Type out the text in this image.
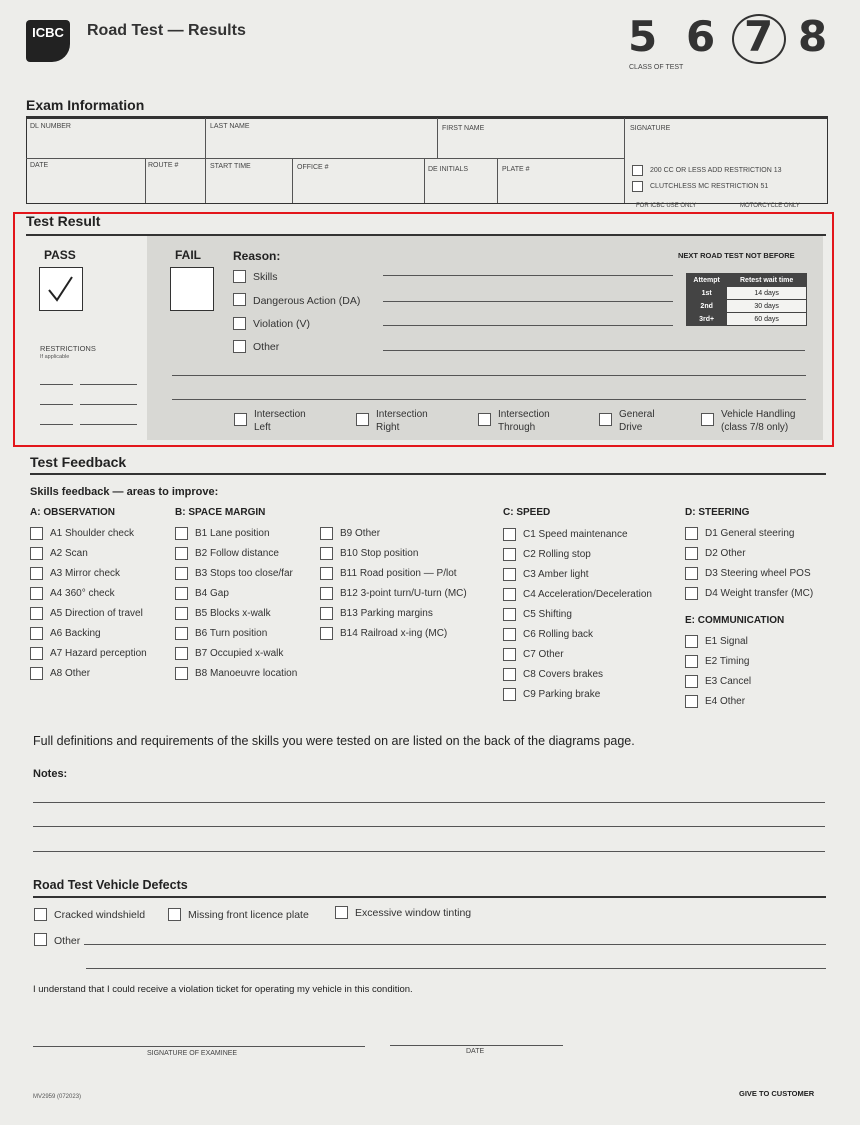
ICBC Road Test — Results	5 6 7 8
CLASS OF TEST
Exam Information
DL NUMBER	LAST NAME	FIRST NAME	SIGNATURE
DATE	ROUTE #	START TIME	OFFICE #	DE INITIALS	PLATE #	200 CC OR LESS ADD RESTRICTION 13
CLUTCHLESS MC RESTRICTION 51
FOR ICBC USE ONLY	MOTORCYCLE ONLY
Test Result
PASS
RESTRICTIONS
If applicable
FAIL	Reason:
Skills
Dangerous Action (DA)
Violation (V)
Other
NEXT ROAD TEST NOT BEFORE
Attempt	Retest wait time
1st	14 days
2nd	30 days
3rd+	60 days
Intersection
Left
Intersection
Right
Intersection
Through
General
Drive
Vehicle Handling
(class 7/8 only)
Test Feedback
Skills feedback — areas to improve:
A: OBSERVATION	B: SPACE MARGIN	C: SPEED	D: STEERING
E: COMMUNICATION
A1 Shoulder check
A2 Scan
A3 Mirror check
A4 360° check
A5 Direction of travel
A6 Backing
A7 Hazard perception
A8 Other
B1 Lane position
B2 Follow distance
B3 Stops too close/far
B4 Gap
B5 Blocks x-walk
B6 Turn position
B7 Occupied x-walk
B8 Manoeuvre location
B9 Other
B10 Stop position
B11 Road position — P/lot
B12 3-point turn/U-turn (MC)
B13 Parking margins
B14 Railroad x-ing (MC)
C1 Speed maintenance
C2 Rolling stop
C3 Amber light
C4 Acceleration/Deceleration
C5 Shifting
C6 Rolling back
C7 Other
C8 Covers brakes
C9 Parking brake
D1 General steering
D2 Other
D3 Steering wheel POS
D4 Weight transfer (MC)
E1 Signal
E2 Timing
E3 Cancel
E4 Other
Full definitions and requirements of the skills you were tested on are listed on the back of the diagrams page.
Notes:
Road Test Vehicle Defects
Cracked windshield	Missing front licence plate	Excessive window tinting
Other
I understand that I could receive a violation ticket for operating my vehicle in this condition.
SIGNATURE OF EXAMINEE	DATE
MV2959 (072023)	GIVE TO CUSTOMER
